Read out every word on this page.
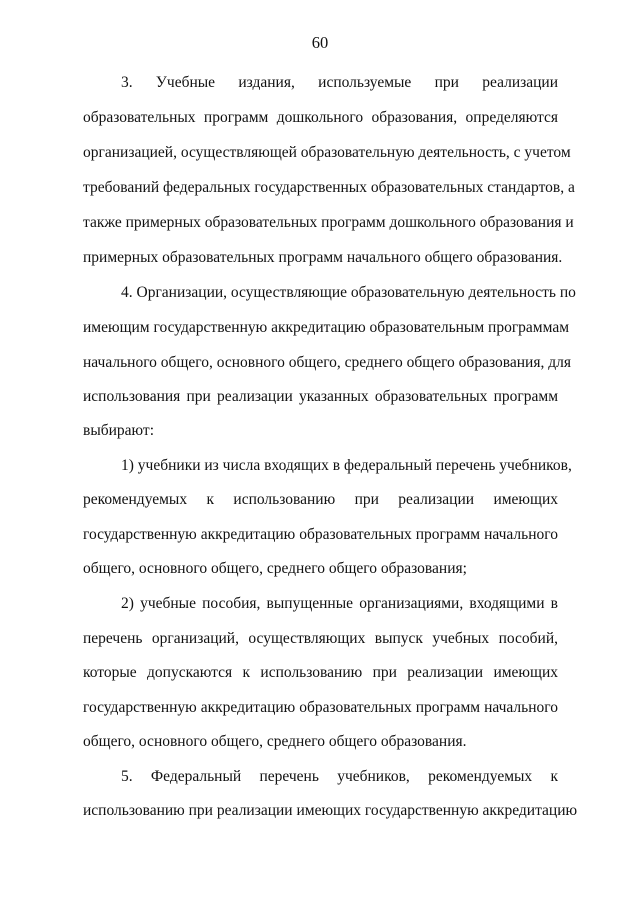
60
3. Учебные издания, используемые при реализации
образовательных программ дошкольного образования, определяются
организацией, осуществляющей образовательную деятельность, с учетом
требований федеральных государственных образовательных стандартов, а
также примерных образовательных программ дошкольного образования и
примерных образовательных программ начального общего образования.
4. Организации, осуществляющие образовательную деятельность по
имеющим государственную аккредитацию образовательным программам
начального общего, основного общего, среднего общего образования, для
использования при реализации указанных образовательных программ
выбирают:
1) учебники из числа входящих в федеральный перечень учебников,
рекомендуемых к использованию при реализации имеющих
государственную аккредитацию образовательных программ начального
общего, основного общего, среднего общего образования;
2) учебные пособия, выпущенные организациями, входящими в
перечень организаций, осуществляющих выпуск учебных пособий,
которые допускаются к использованию при реализации имеющих
государственную аккредитацию образовательных программ начального
общего, основного общего, среднего общего образования.
5. Федеральный перечень учебников, рекомендуемых к
использованию при реализации имеющих государственную аккредитацию
